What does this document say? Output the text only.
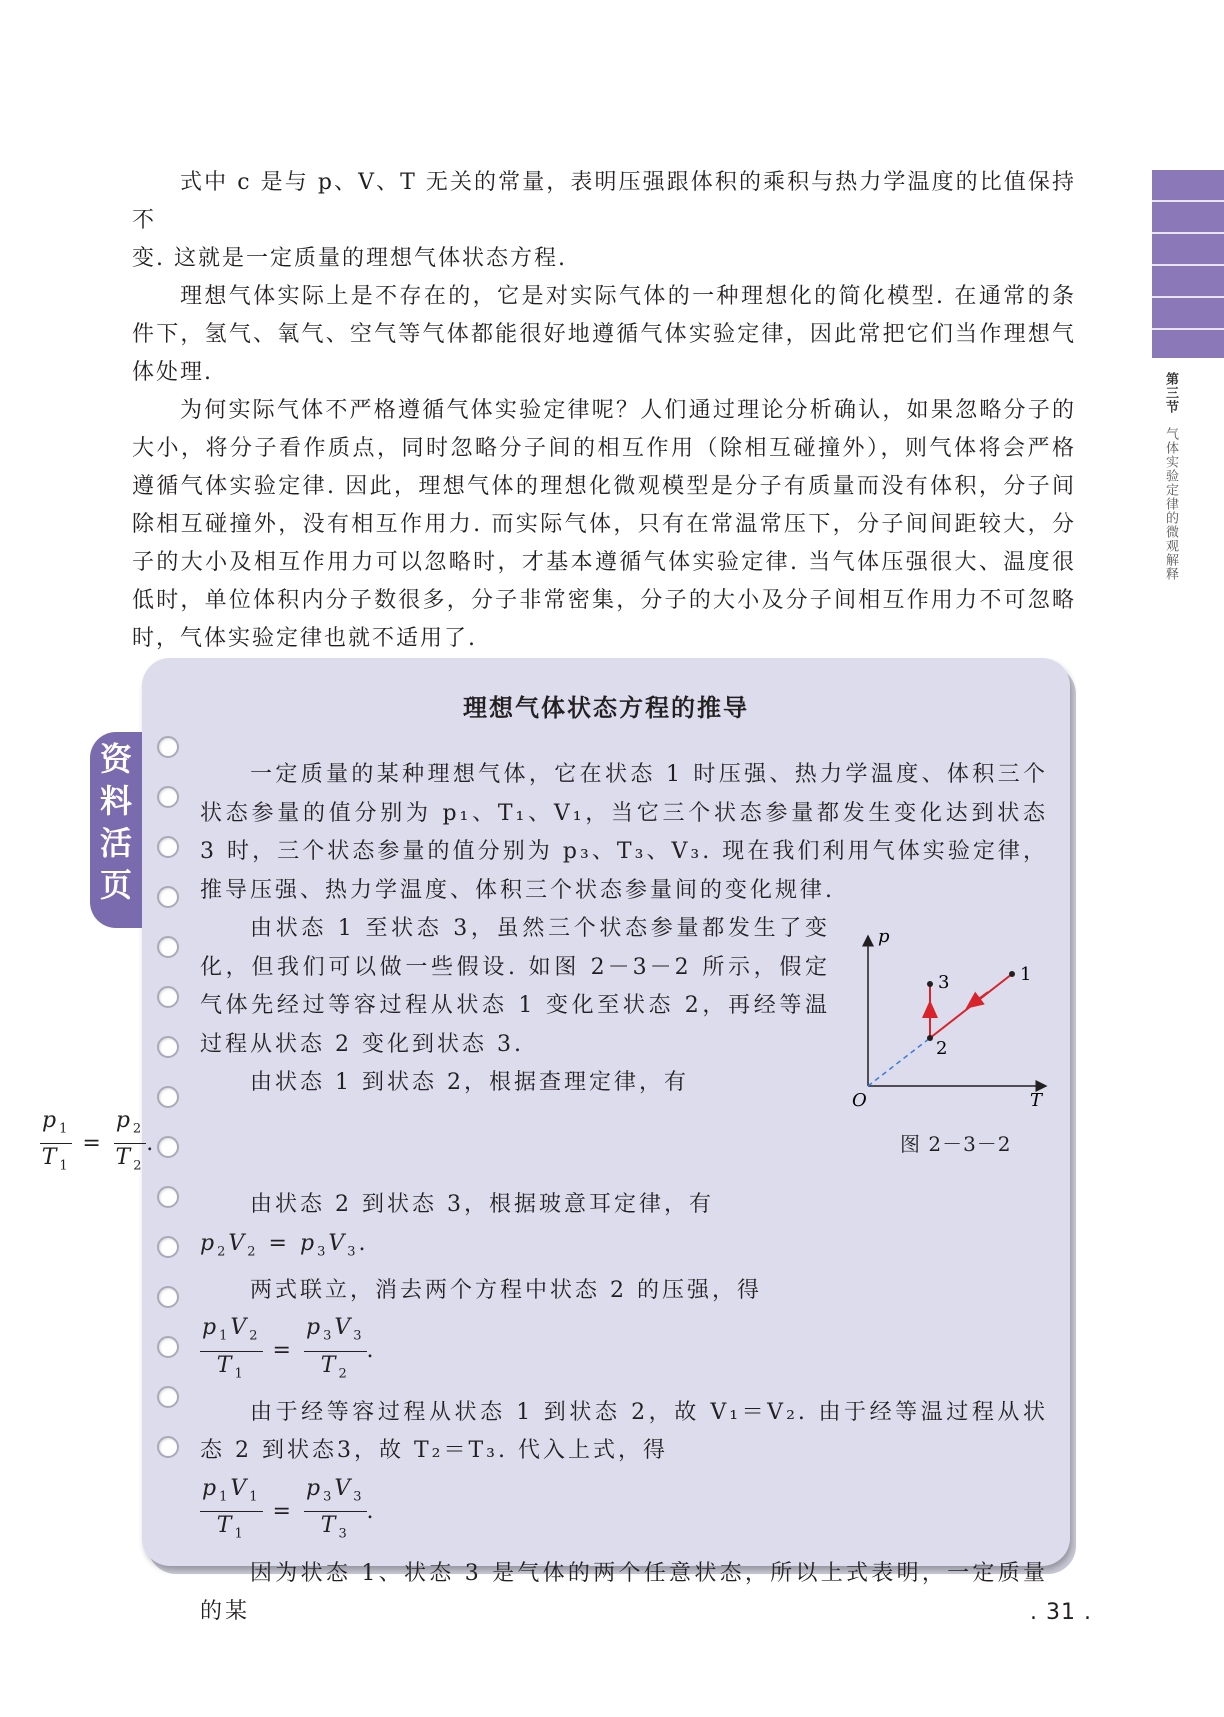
式中 c 是与 p、V、T 无关的常量，表明压强跟体积的乘积与热力学温度的比值保持不
变. 这就是一定质量的理想气体状态方程.

理想气体实际上是不存在的，它是对实际气体的一种理想化的简化模型. 在通常的条件下，氢气、氧气、空气等气体都能很好地遵循气体实验定律，因此常把它们当作理想气体处理.

为何实际气体不严格遵循气体实验定律呢？人们通过理论分析确认，如果忽略分子的大小，将分子看作质点，同时忽略分子间的相互作用（除相互碰撞外），则气体将会严格遵循气体实验定律. 因此，理想气体的理想化微观模型是分子有质量而没有体积，分子间除相互碰撞外，没有相互作用力. 而实际气体，只有在常温常压下，分子间间距较大，分子的大小及相互作用力可以忽略时，才基本遵循气体实验定律. 当气体压强很大、温度很低时，单位体积内分子数很多，分子非常密集，分子的大小及分子间相互作用力不可忽略时，气体实验定律也就不适用了.

第三节 气体实验定律的微观解释
资料活页
理想气体状态方程的推导

一定质量的某种理想气体，它在状态 1 时压强、热力学温度、体积三个状态参量的值分别为 p₁、T₁、V₁，当它三个状态参量都发生变化达到状态 3 时，三个状态参量的值分别为 p₃、T₃、V₃. 现在我们利用气体实验定律，推导压强、热力学温度、体积三个状态参量间的变化规律.

由状态 1 至状态 3，虽然三个状态参量都发生了变化，但我们可以做一些假设. 如图 2－3－2 所示，假定气体先经过等容过程从状态 1 变化至状态 2，再经等温过程从状态 2 变化到状态 3.

由状态 1 到状态 2，根据查理定律，有

$\frac{p_1}{T_1} = \frac{p_2}{T_2}$ .

由状态 2 到状态 3，根据玻意耳定律，有

$p_2V_2 = p_3V_3$.

两式联立，消去两个方程中状态 2 的压强，得

$\frac{p_1V_2}{T_1} = \frac{p_3V_3}{T_2}$ .

由于经等容过程从状态 1 到状态 2，故 V₁＝V₂. 由于经等温过程从状态 2 到状态3，故 T₂＝T₃. 代入上式，得

$\frac{p_1V_1}{T_1} = \frac{p_3V_3}{T_3}$ .

因为状态 1、状态 3 是气体的两个任意状态，所以上式表明，一定质量的某

p
T
O
1
2
3
图 2－3－2
. 31 .
